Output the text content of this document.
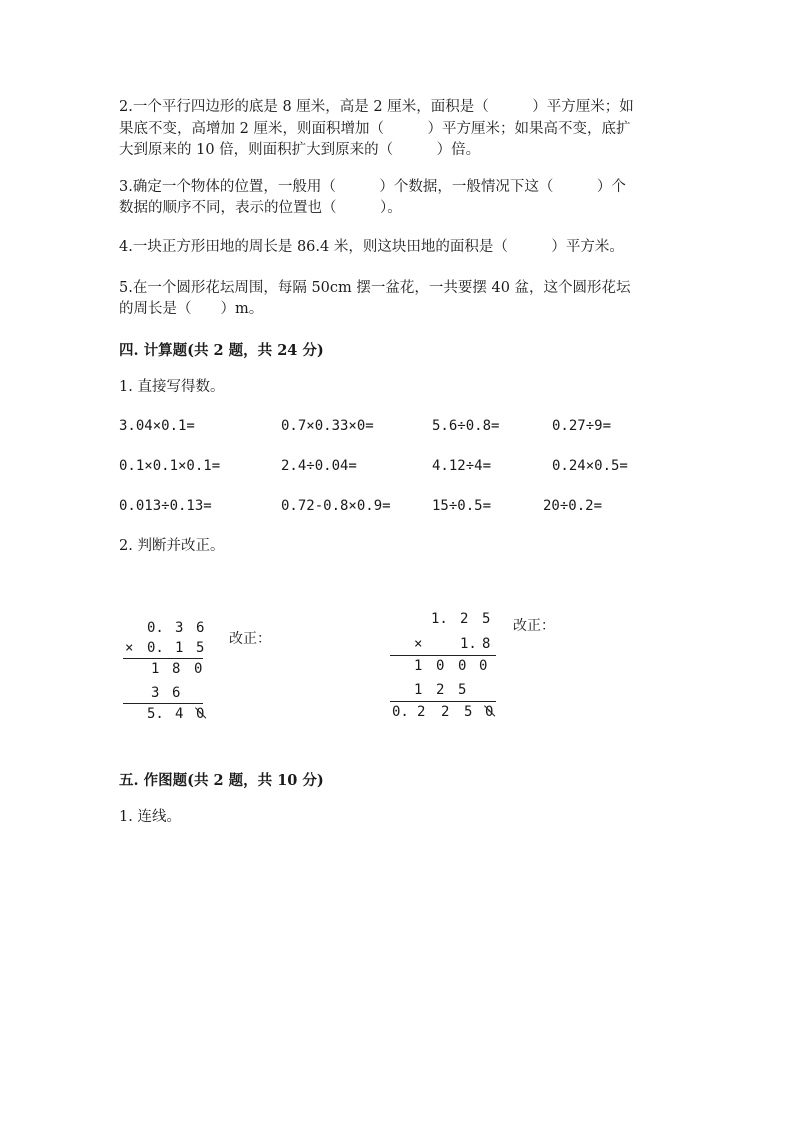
2.一个平行四边形的底是 8 厘米，高是 2 厘米，面积是（　　　）平方厘米；如
果底不变，高增加 2 厘米，则面积增加（　　　）平方厘米；如果高不变，底扩
大到原来的 10 倍，则面积扩大到原来的（　　　）倍。
3.确定一个物体的位置，一般用（　　　）个数据，一般情况下这（　　　）个
数据的顺序不同，表示的位置也（　　　）。
4.一块正方形田地的周长是 86.4 米，则这块田地的面积是（　　　）平方米。
5.在一个圆形花坛周围，每隔 50cm 摆一盆花，一共要摆 40 盆，这个圆形花坛
的周长是（　　）m。
四. 计算题(共 2 题，共 24 分)
1. 直接写得数。
3.04×0.1=	0.7×0.33×0=	5.6÷0.8=	0.27÷9=
0.1×0.1×0.1=	2.4÷0.04=	4.12÷4=	0.24×0.5=
0.013÷0.13=	0.72-0.8×0.9=	15÷0.5=	20÷0.2=
2. 判断并改正。
0. 3 6
× 0. 1 5
1 8 0
3 6
5. 4 0
改正：
1. 2 5
×	1. 8
1 0 0 0
1 2 5
0. 2 2 5 0
改正：
五. 作图题(共 2 题，共 10 分)
1. 连线。
